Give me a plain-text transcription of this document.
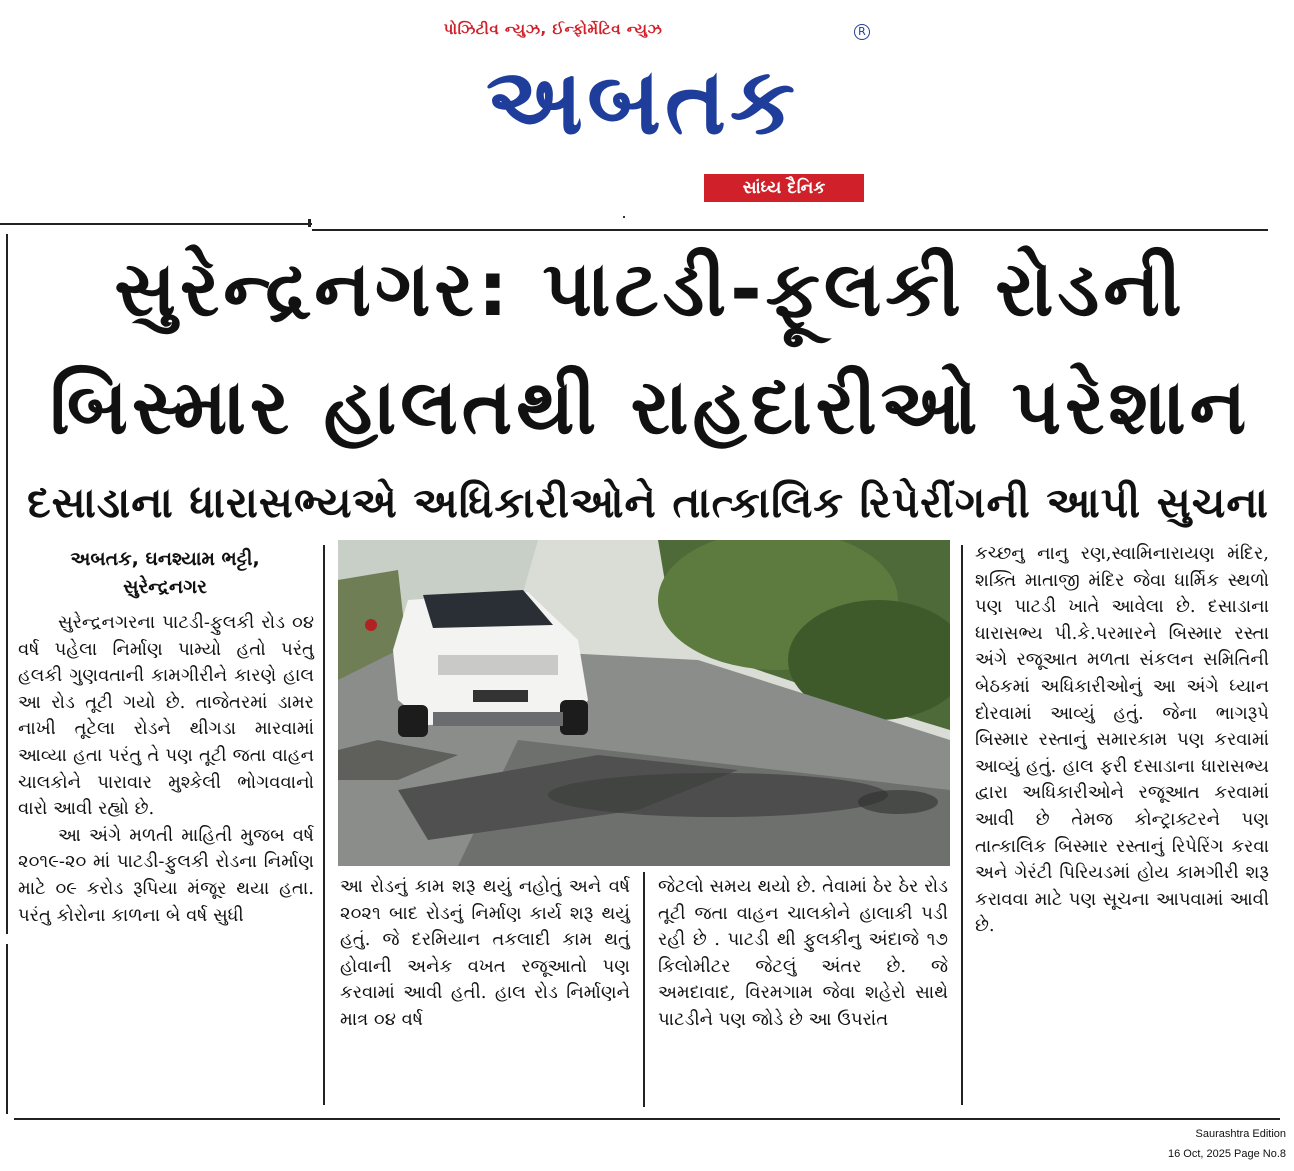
પોઝિટીવ ન્યુઝ, ઈન્ફોર્મેટિવ ન્યુઝ	R
અબતક
સાંધ્ય દૈનિક
સુરેન્દ્રનગર: પાટડી-ફૂલકી રોડની
બિસ્માર હાલતથી રાહદારીઓ પરેશાન
દસાડાના ધારાસભ્યએ અધિકારીઓને તાત્કાલિક રિપેરીંગની આપી સુચના
અબતક, ઘનશ્યામ ભટ્ટી,
સુરેન્દ્રનગર

સુરેન્દ્રનગરના પાટડી-ફુલકી રોડ ૦૪ વર્ષ પહેલા નિર્માણ પામ્યો હતો પરંતુ હલકી ગુણવતાની કામગીરીને કારણે હાલ આ રોડ તૂટી ગયો છે. તાજેતરમાં ડામર નાખી તૂટેલા રોડને થીગડા મારવામાં આવ્યા હતા પરંતુ તે પણ તૂટી જતા વાહન ચાલકોને પારાવાર મુશ્કેલી ભોગવવાનો વારો આવી રહ્યો છે.

આ અંગે મળતી માહિતી મુજબ વર્ષ ૨૦૧૯-૨૦ માં પાટડી-ફુલકી રોડના નિર્માણ માટે ૦૯ કરોડ રૂપિયા મંજૂર થયા હતા. પરંતુ કોરોના કાળના બે વર્ષ સુધી

આ રોડનું કામ શરૂ થયું નહોતું અને વર્ષ ૨૦૨૧ બાદ રોડનું નિર્માણ કાર્ય શરૂ થયું હતું. જે દરમિયાન તકલાદી કામ થતું હોવાની અનેક વખત રજૂઆતો પણ કરવામાં આવી હતી. હાલ રોડ નિર્માણને માત્ર ૦૪ વર્ષ

જેટલો સમય થયો છે. તેવામાં ઠેર ઠેર રોડ તૂટી જતા વાહન ચાલકોને હાલાકી પડી રહી છે . પાટડી થી ફુલકીનુ અંદાજે ૧૭ કિલોમીટર જેટલું અંતર છે. જે અમદાવાદ, વિરમગામ જેવા શહેરો સાથે પાટડીને પણ જોડે છે આ ઉપરાંત

કચ્છનુ નાનુ રણ,સ્વામિનારાયણ મંદિર, શક્તિ માતાજી મંદિર જેવા ધાર્મિક સ્થળો પણ પાટડી ખાતે આવેલા છે. દસાડાના ધારાસભ્ય પી.કે.પરમારને બિસ્માર રસ્તા અંગે રજૂઆત મળતા સંકલન સમિતિની બેઠકમાં અધિકારીઓનું આ અંગે ધ્યાન દોરવામાં આવ્યું હતું. જેના ભાગરૂપે બિસ્માર રસ્તાનું સમારકામ પણ કરવામાં આવ્યું હતું. હાલ ફરી દસાડાના ધારાસભ્ય દ્વારા અધિકારીઓને રજૂઆત કરવામાં આવી છે તેમજ કોન્ટ્રાક્ટરને પણ તાત્કાલિક બિસ્માર રસ્તાનું રિપેરિંગ કરવા અને ગેરંટી પિરિયડમાં હોય કામગીરી શરૂ કરાવવા માટે પણ સૂચના આપવામાં આવી છે.

Saurashtra Edition
16 Oct, 2025 Page No.8
